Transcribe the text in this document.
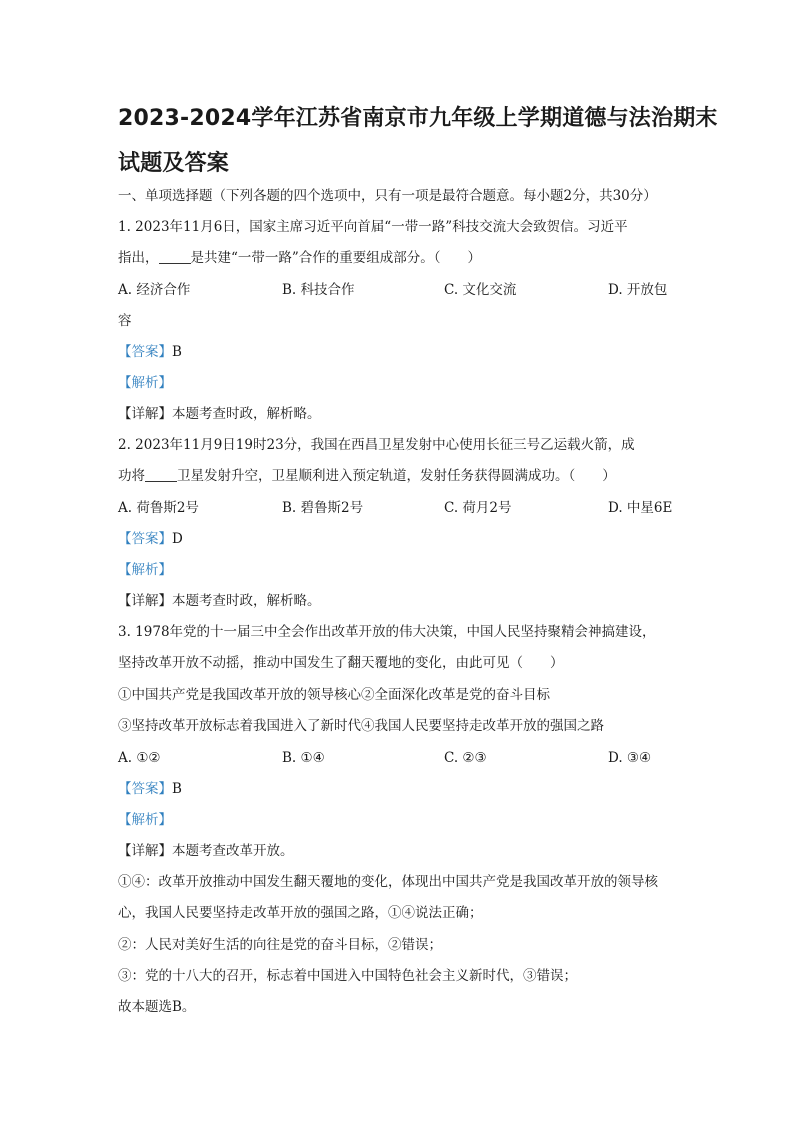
2023-2024学年江苏省南京市九年级上学期道德与法治期末
试题及答案
一、单项选择题（下列各题的四个选项中，只有一项是最符合题意。每小题2分，共30分）
1. 2023年11月6日，国家主席习近平向首届“一带一路”科技交流大会致贺信。习近平
指出， 是共建“一带一路”合作的重要组成部分。（　　）
A. 经济合作	B. 科技合作	C. 文化交流	D. 开放包
容
【答案】B
【解析】
【详解】本题考查时政，解析略。
2. 2023年11月9日19时23分，我国在西昌卫星发射中心使用长征三号乙运载火箭，成
功将 卫星发射升空，卫星顺利进入预定轨道，发射任务获得圆满成功。（　　）
A. 荷鲁斯2号	B. 碧鲁斯2号	C. 荷月2号	D. 中星6E
【答案】D
【解析】
【详解】本题考查时政，解析略。
3. 1978年党的十一届三中全会作出改革开放的伟大决策，中国人民坚持聚精会神搞建设，
坚持改革开放不动摇，推动中国发生了翻天覆地的变化，由此可见（　　）
①中国共产党是我国改革开放的领导核心②全面深化改革是党的奋斗目标
③坚持改革开放标志着我国进入了新时代④我国人民要坚持走改革开放的强国之路
A. ①②	B. ①④	C. ②③	D. ③④
【答案】B
【解析】
【详解】本题考查改革开放。
①④：改革开放推动中国发生翻天覆地的变化，体现出中国共产党是我国改革开放的领导核
心，我国人民要坚持走改革开放的强国之路，①④说法正确；
②：人民对美好生活的向往是党的奋斗目标，②错误；
③：党的十八大的召开，标志着中国进入中国特色社会主义新时代，③错误；
故本题选B。
